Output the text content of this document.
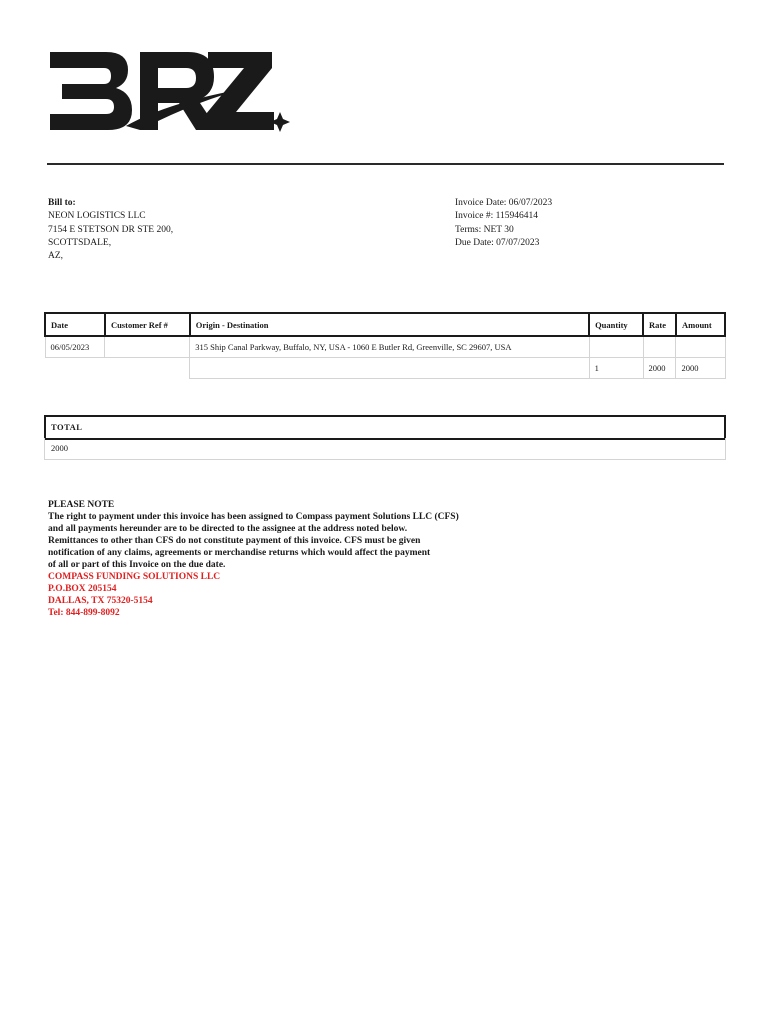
Bill to:
NEON LOGISTICS LLC
7154 E STETSON DR STE 200,
SCOTTSDALE,
AZ,
Invoice Date: 06/07/2023
Invoice #: 115946414
Terms: NET 30
Due Date: 07/07/2023
Date	Customer Ref #	Origin - Destination	Quantity	Rate	Amount
06/05/2023		315 Ship Canal Parkway, Buffalo, NY, USA - 1060 E Butler Rd, Greenville, SC 29607, USA			
			1	2000	2000
TOTAL
2000
PLEASE NOTE
The right to payment under this invoice has been assigned to Compass payment Solutions LLC (CFS)
and all payments hereunder are to be directed to the assignee at the address noted below.
Remittances to other than CFS do not constitute payment of this invoice. CFS must be given
notification of any claims, agreements or merchandise returns which would affect the payment
of all or part of this Invoice on the due date.
COMPASS FUNDING SOLUTIONS LLC
P.O.BOX 205154
DALLAS, TX 75320-5154
Tel: 844-899-8092
